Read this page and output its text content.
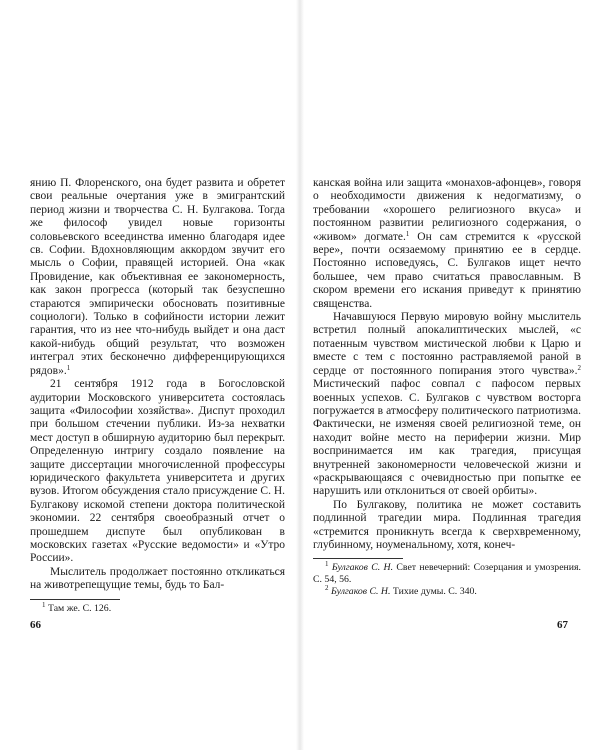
янию П. Флоренского, она будет развита и обретет свои реальные очертания уже в эмигрантский период жизни и творчества С. Н. Булгакова. Тогда же философ увидел новые горизонты соловьевского всеединства именно благодаря идее св. Софии. Вдохновляющим аккордом звучит его мысль о Софии, правящей историей. Она «как Провидение, как объективная ее закономерность, как закон прогресса (который так безуспешно стараются эмпирически обосновать позитивные социологи). Только в софийности истории лежит гарантия, что из нее что-нибудь выйдет и она даст какой-нибудь общий результат, что возможен интеграл этих бесконечно дифференцирующихся рядов».$^1$

21 сентября 1912 года в Богословской аудитории Московского университета состоялась защита «Философии хозяйства». Диспут проходил при большом стечении публики. Из-за нехватки мест доступ в обширную аудиторию был перекрыт. Определенную интригу создало появление на защите диссертации многочисленной профессуры юридического факультета университета и других вузов. Итогом обсуждения стало присуждение С. Н. Булгакову искомой степени доктора политической экономии. 22 сентября своеобразный отчет о прошедшем диспуте был опубликован в московских газетах «Русские ведомости» и «Утро России».

Мыслитель продолжает постоянно откликаться на животрепещущие темы, будь то Бал-

$^1$ Там же. С. 126.

66

канская война или защита «монахов-афонцев», говоря о необходимости движения к недогматизму, о требовании «хорошего религиозного вкуса» и постоянном развитии религиозного содержания, о «живом» догмате.$^1$ Он сам стремится к «русской вере», почти осязаемому принятию ее в сердце. Постоянно исповедуясь, С. Булгаков ищет нечто большее, чем право считаться православным. В скором времени его искания приведут к принятию священства.

Начавшуюся Первую мировую войну мыслитель встретил полный апокалиптических мыслей, «с потаенным чувством мистической любви к Царю и вместе с тем с постоянно растравляемой раной в сердце от постоянного попирания этого чувства».$^2$ Мистический пафос совпал с пафосом первых военных успехов. С. Булгаков с чувством восторга погружается в атмосферу политического патриотизма. Фактически, не изменяя своей религиозной теме, он находит войне место на периферии жизни. Мир воспринимается им как трагедия, присущая внутренней закономерности человеческой жизни и «раскрывающаяся с очевидностью при попытке ее нарушить или отклониться от своей орбиты».

По Булгакову, политика не может составить подлинной трагедии мира. Подлинная трагедия «стремится проникнуть всегда к сверхвременному, глубинному, ноуменальному, хотя, конеч-

$^1$ Булгаков С. Н. Свет невечерний: Созерцания и умозрения. С. 54, 56.

$^2$ Булгаков С. Н. Тихие думы. С. 340.

67
